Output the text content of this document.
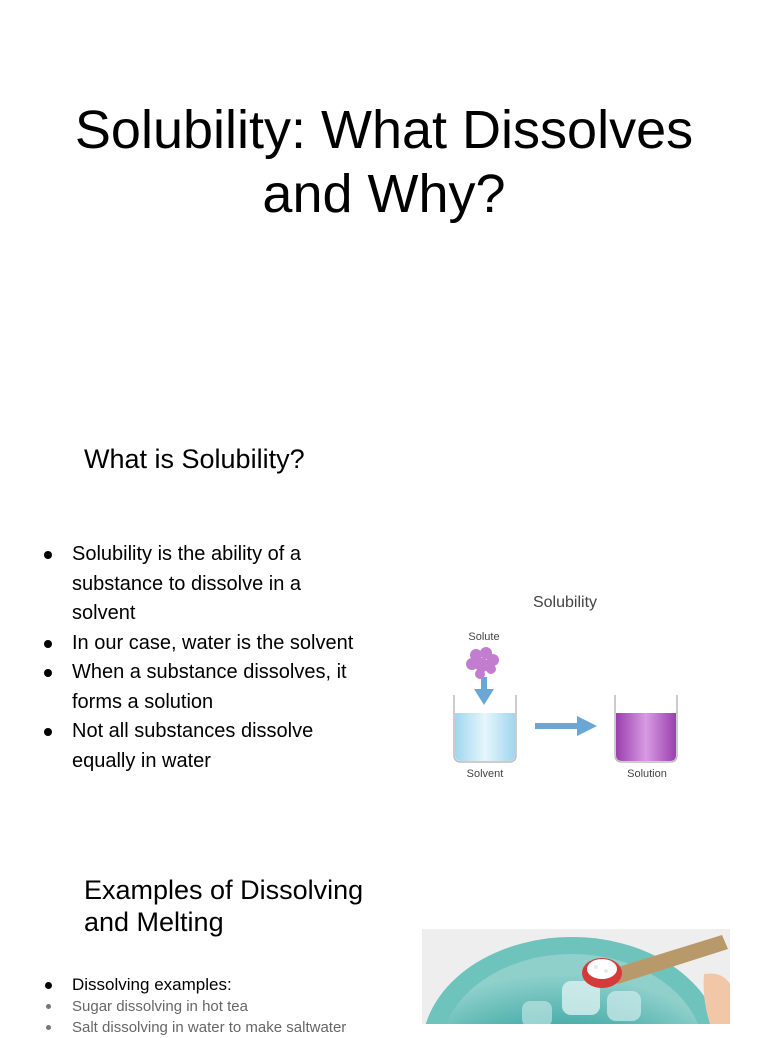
Solubility: What Dissolves and Why?
What is Solubility?
Solubility is the ability of a substance to dissolve in a solvent
In our case, water is the solvent
When a substance dissolves, it forms a solution
Not all substances dissolve equally in water
Solubility
Solute
Solvent	Solution
Examples of Dissolving and Melting
Dissolving examples:
Sugar dissolving in hot tea
Salt dissolving in water to make saltwater
